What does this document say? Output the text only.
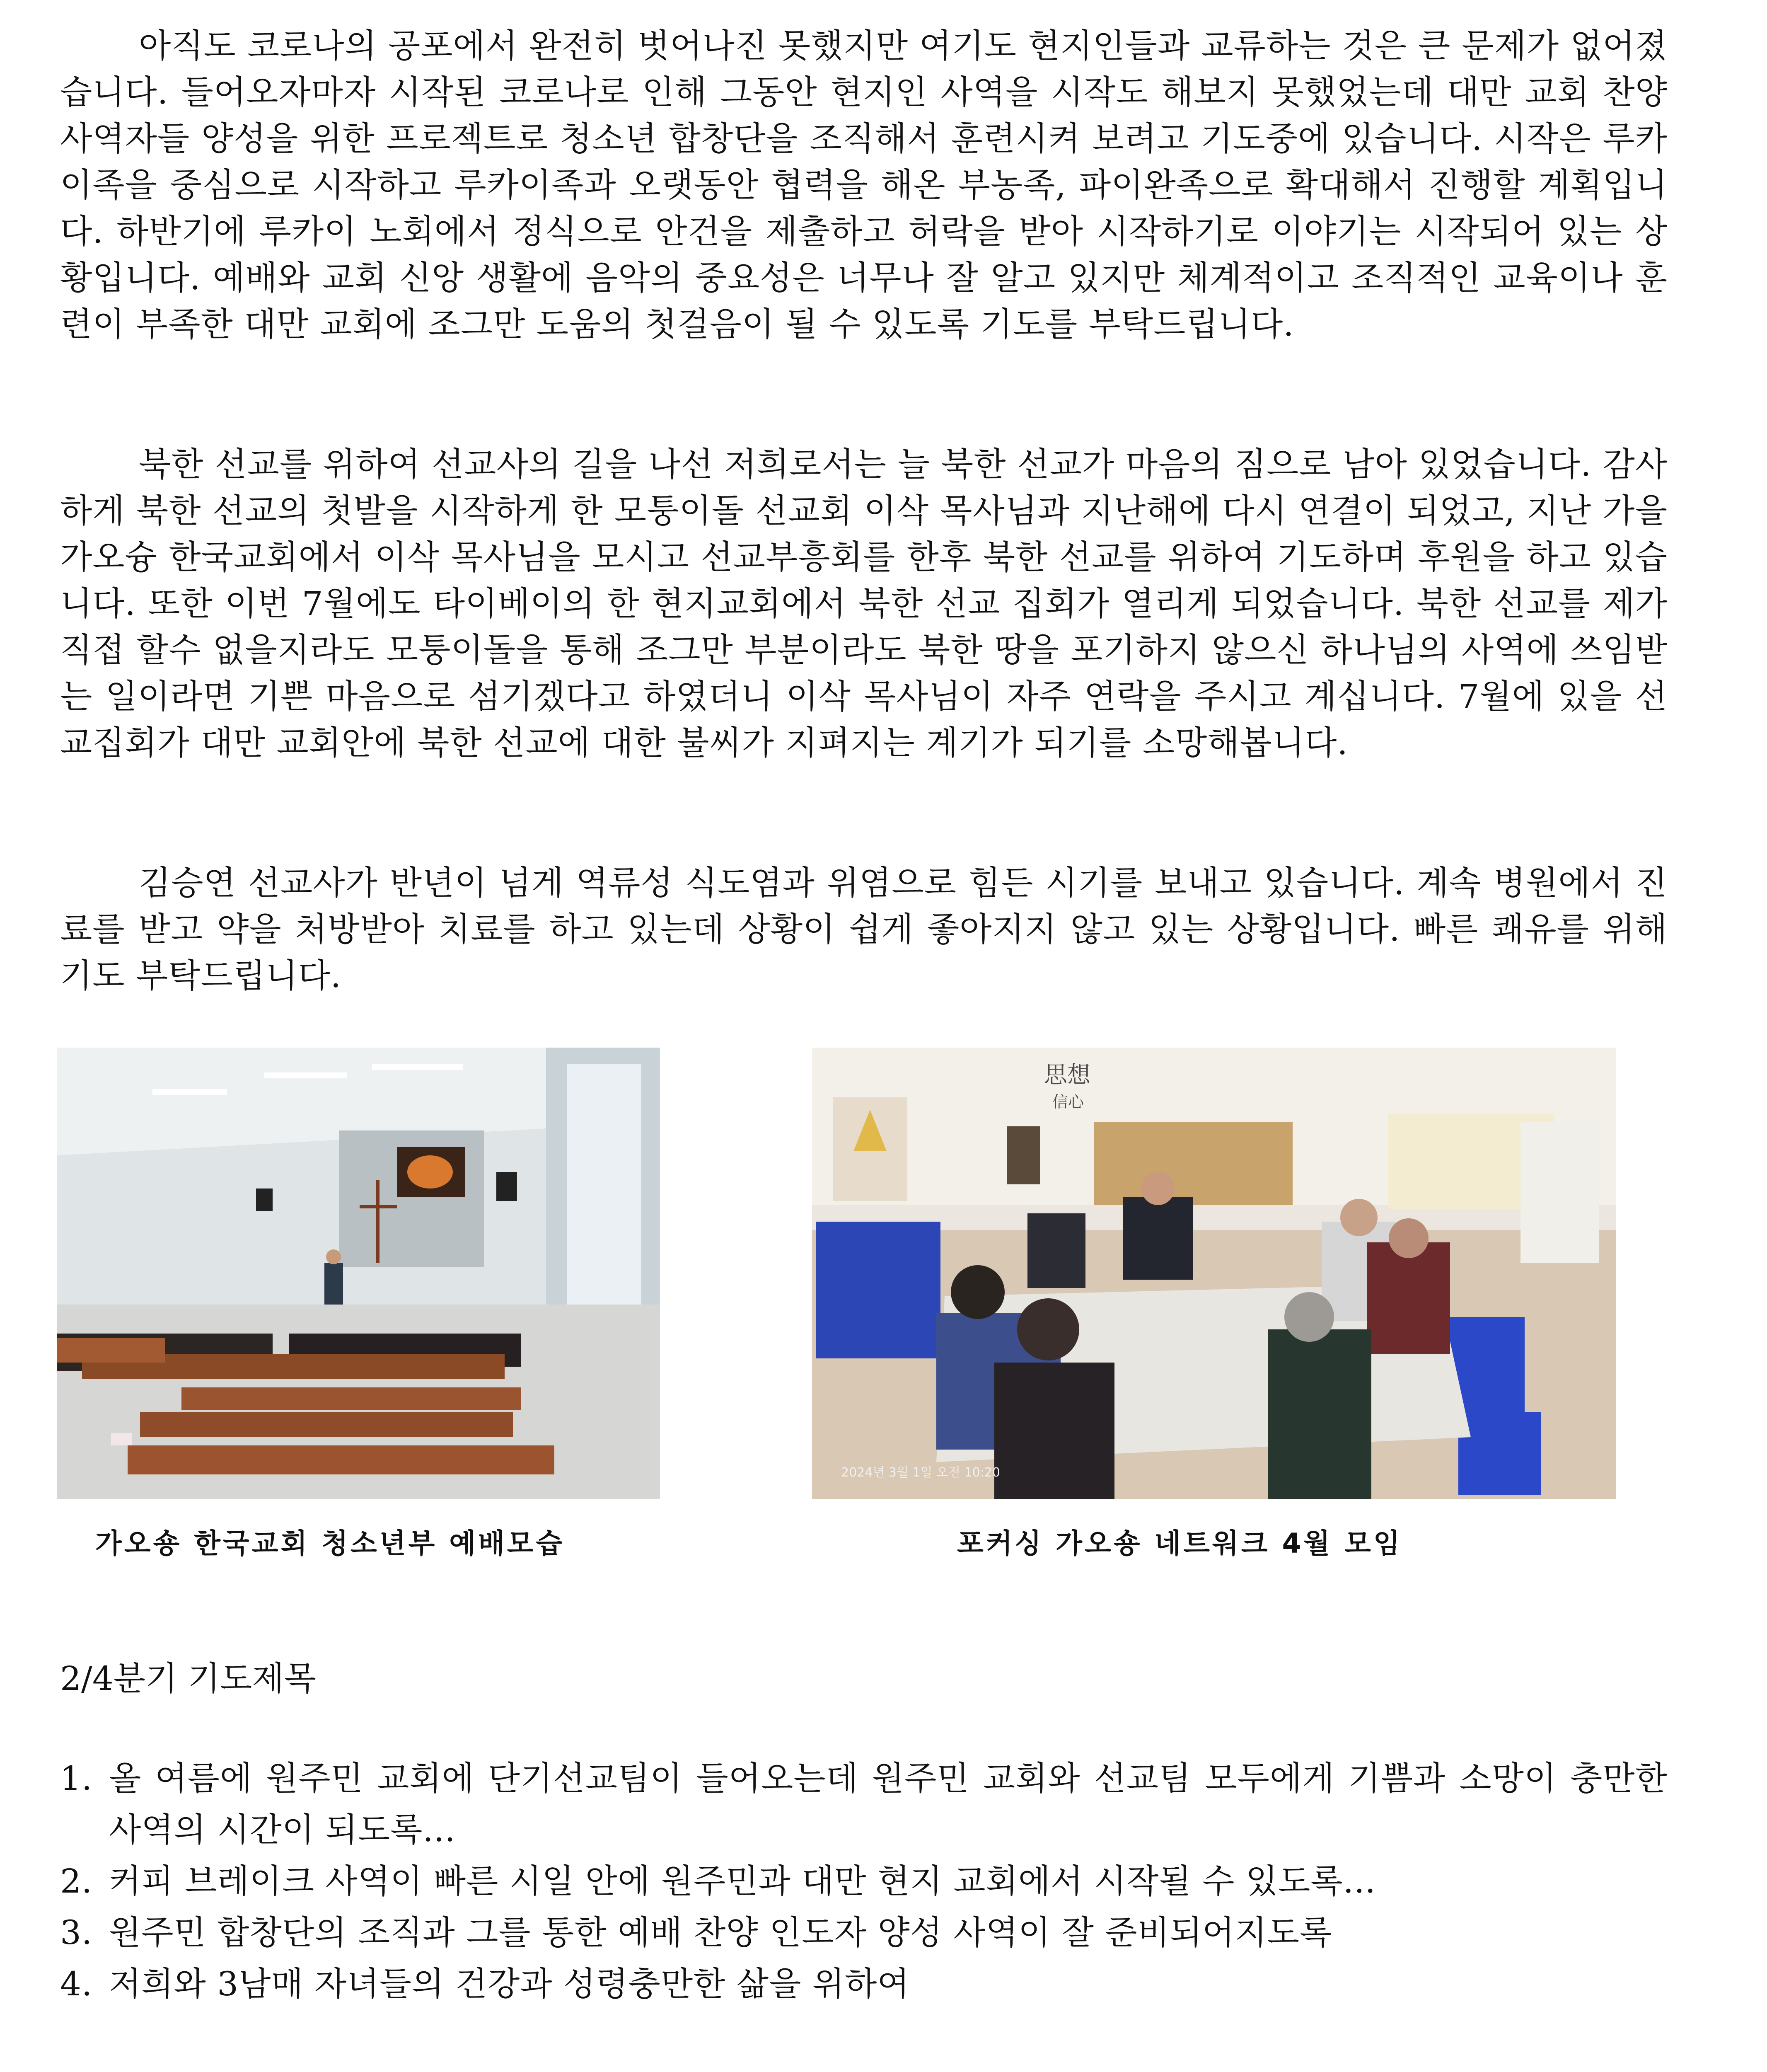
아직도 코로나의 공포에서 완전히 벗어나진 못했지만 여기도 현지인들과 교류하는 것은 큰 문제가 없어졌습니다. 들어오자마자 시작된 코로나로 인해 그동안 현지인 사역을 시작도 해보지 못했었는데 대만 교회 찬양 사역자들 양성을 위한 프로젝트로 청소년 합창단을 조직해서 훈련시켜 보려고 기도중에 있습니다. 시작은 루카이족을 중심으로 시작하고 루카이족과 오랫동안 협력을 해온 부농족, 파이완족으로 확대해서 진행할 계획입니다. 하반기에 루카이 노회에서 정식으로 안건을 제출하고 허락을 받아 시작하기로 이야기는 시작되어 있는 상황입니다. 예배와 교회 신앙 생활에 음악의 중요성은 너무나 잘 알고 있지만 체계적이고 조직적인 교육이나 훈련이 부족한 대만 교회에 조그만 도움의 첫걸음이 될 수 있도록 기도를 부탁드립니다.

북한 선교를 위하여 선교사의 길을 나선 저희로서는 늘 북한 선교가 마음의 짐으로 남아 있었습니다. 감사하게 북한 선교의 첫발을 시작하게 한 모퉁이돌 선교회 이삭 목사님과 지난해에 다시 연결이 되었고, 지난 가을 가오슝 한국교회에서 이삭 목사님을 모시고 선교부흥회를 한후 북한 선교를 위하여 기도하며 후원을 하고 있습니다. 또한 이번 7월에도 타이베이의 한 현지교회에서 북한 선교 집회가 열리게 되었습니다. 북한 선교를 제가 직접 할수 없을지라도 모퉁이돌을 통해 조그만 부분이라도 북한 땅을 포기하지 않으신 하나님의 사역에 쓰임받는 일이라면 기쁜 마음으로 섬기겠다고 하였더니 이삭 목사님이 자주 연락을 주시고 계십니다. 7월에 있을 선교집회가 대만 교회안에 북한 선교에 대한 불씨가 지펴지는 계기가 되기를 소망해봅니다.

김승연 선교사가 반년이 넘게 역류성 식도염과 위염으로 힘든 시기를 보내고 있습니다. 계속 병원에서 진료를 받고 약을 처방받아 치료를 하고 있는데 상황이 쉽게 좋아지지 않고 있는 상황입니다. 빠른 쾌유를 위해 기도 부탁드립니다.

思想
信心
2024년 3월 1일 오전 10:20
가오숑 한국교회 청소년부 예배모습	포커싱 가오숑 네트워크 4월 모임

2/4분기 기도제목

1. 올 여름에 원주민 교회에 단기선교팀이 들어오는데 원주민 교회와 선교팀 모두에게 기쁨과 소망이 충만한 사역의 시간이 되도록...
2. 커피 브레이크 사역이 빠른 시일 안에 원주민과 대만 현지 교회에서 시작될 수 있도록...
3. 원주민 합창단의 조직과 그를 통한 예배 찬양 인도자 양성 사역이 잘 준비되어지도록
4. 저희와 3남매 자녀들의 건강과 성령충만한 삶을 위하여
